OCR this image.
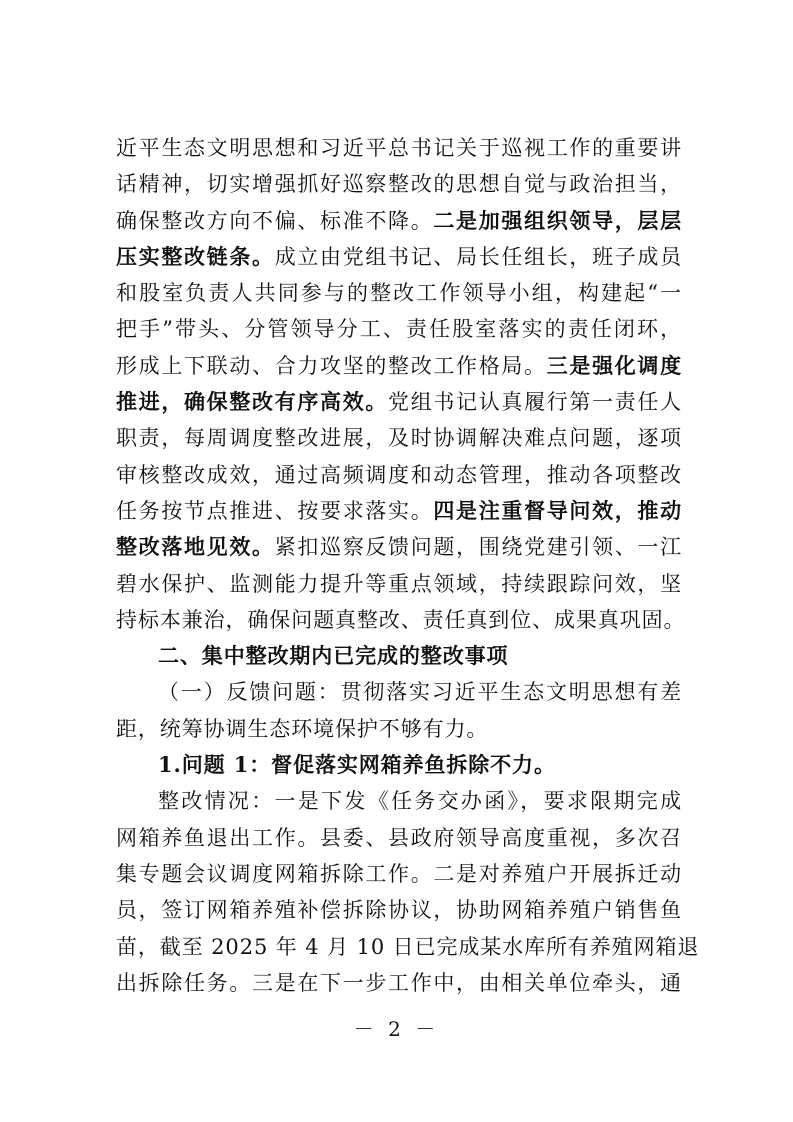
近平生态文明思想和习近平总书记关于巡视工作的重要讲
话精神，切实增强抓好巡察整改的思想自觉与政治担当，
确保整改方向不偏、标准不降。二是加强组织领导，层层
压实整改链条。成立由党组书记、局长任组长，班子成员
和股室负责人共同参与的整改工作领导小组，构建起“一
把手”带头、分管领导分工、责任股室落实的责任闭环，
形成上下联动、合力攻坚的整改工作格局。三是强化调度
推进，确保整改有序高效。党组书记认真履行第一责任人
职责，每周调度整改进展，及时协调解决难点问题，逐项
审核整改成效，通过高频调度和动态管理，推动各项整改
任务按节点推进、按要求落实。四是注重督导问效，推动
整改落地见效。紧扣巡察反馈问题，围绕党建引领、一江
碧水保护、监测能力提升等重点领域，持续跟踪问效，坚
持标本兼治，确保问题真整改、责任真到位、成果真巩固。
二、集中整改期内已完成的整改事项
（一）反馈问题：贯彻落实习近平生态文明思想有差
距，统筹协调生态环境保护不够有力。
1.问题 1：督促落实网箱养鱼拆除不力。
整改情况：一是下发《任务交办函》，要求限期完成
网箱养鱼退出工作。县委、县政府领导高度重视，多次召
集专题会议调度网箱拆除工作。二是对养殖户开展拆迁动
员，签订网箱养殖补偿拆除协议，协助网箱养殖户销售鱼
苗，截至 2025 年 4 月 10 日已完成某水库所有养殖网箱退
出拆除任务。三是在下一步工作中，由相关单位牵头，通
－ 2 －
